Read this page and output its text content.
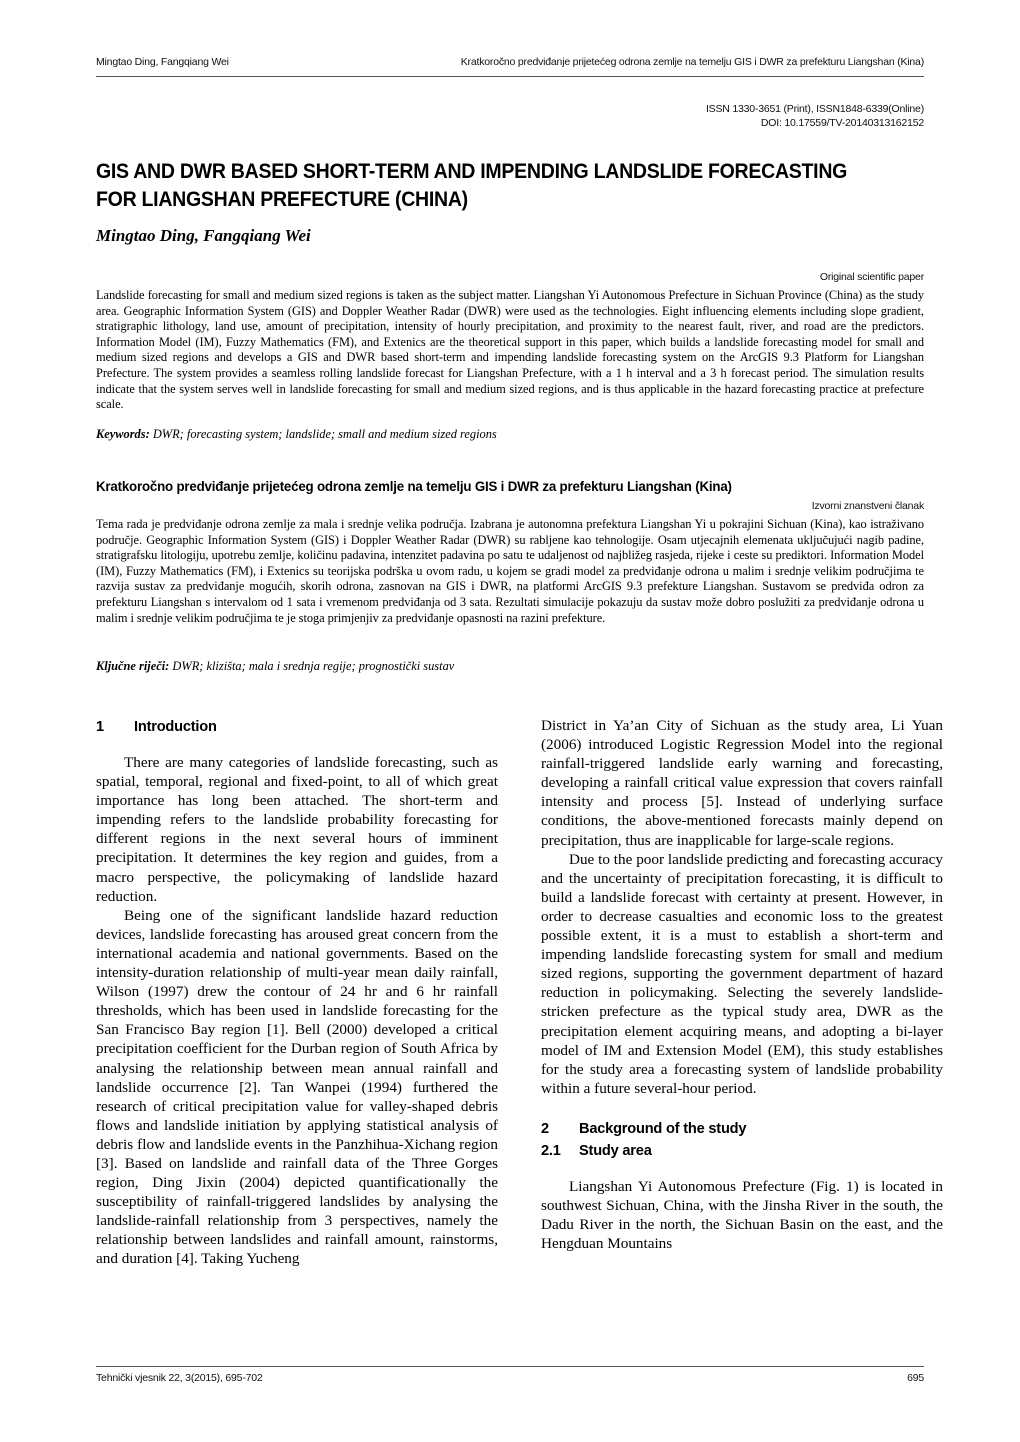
Mingtao Ding, Fangqiang Wei	Kratkoročno predviđanje prijetećeg odrona zemlje na temelju GIS i DWR za prefekturu Liangshan (Kina)
ISSN 1330-3651 (Print), ISSN1848-6339(Online)
DOI: 10.17559/TV-20140313162152
GIS AND DWR BASED SHORT-TERM AND IMPENDING LANDSLIDE FORECASTING FOR LIANGSHAN PREFECTURE (CHINA)
Mingtao Ding, Fangqiang Wei
Original scientific paper
Landslide forecasting for small and medium sized regions is taken as the subject matter. Liangshan Yi Autonomous Prefecture in Sichuan Province (China) as the study area. Geographic Information System (GIS) and Doppler Weather Radar (DWR) were used as the technologies. Eight influencing elements including slope gradient, stratigraphic lithology, land use, amount of precipitation, intensity of hourly precipitation, and proximity to the nearest fault, river, and road are the predictors. Information Model (IM), Fuzzy Mathematics (FM), and Extenics are the theoretical support in this paper, which builds a landslide forecasting model for small and medium sized regions and develops a GIS and DWR based short-term and impending landslide forecasting system on the ArcGIS 9.3 Platform for Liangshan Prefecture. The system provides a seamless rolling landslide forecast for Liangshan Prefecture, with a 1 h interval and a 3 h forecast period. The simulation results indicate that the system serves well in landslide forecasting for small and medium sized regions, and is thus applicable in the hazard forecasting practice at prefecture scale.
Keywords: DWR; forecasting system; landslide; small and medium sized regions
Kratkoročno predviđanje prijetećeg odrona zemlje na temelju GIS i DWR za prefekturu Liangshan (Kina)
Izvorni znanstveni članak
Tema rada je predviđanje odrona zemlje za mala i srednje velika područja. Izabrana je autonomna prefektura Liangshan Yi u pokrajini Sichuan (Kina), kao istraživano područje. Geographic Information System (GIS) i Doppler Weather Radar (DWR) su rabljene kao tehnologije. Osam utjecajnih elemenata uključujući nagib padine, stratigrafsku litologiju, upotrebu zemlje, količinu padavina, intenzitet padavina po satu te udaljenost od najbližeg rasjeda, rijeke i ceste su prediktori. Information Model (IM), Fuzzy Mathematics (FM), i Extenics su teorijska podrška u ovom radu, u kojem se gradi model za predviđanje odrona u malim i srednje velikim područjima te razvija sustav za predviđanje mogućih, skorih odrona, zasnovan na GIS i DWR, na platformi ArcGIS 9.3 prefekture Liangshan. Sustavom se predviđa odron za prefekturu Liangshan s intervalom od 1 sata i vremenom predviđanja od 3 sata. Rezultati simulacije pokazuju da sustav može dobro poslužiti za predviđanje odrona u malim i srednje velikim područjima te je stoga primjenjiv za predviđanje opasnosti na razini prefekture.
Ključne riječi: DWR; klizišta; mala i srednja regije; prognostički sustav
1	Introduction

There are many categories of landslide forecasting, such as spatial, temporal, regional and fixed-point, to all of which great importance has long been attached. The short-term and impending refers to the landslide probability forecasting for different regions in the next several hours of imminent precipitation. It determines the key region and guides, from a macro perspective, the policymaking of landslide hazard reduction.

Being one of the significant landslide hazard reduction devices, landslide forecasting has aroused great concern from the international academia and national governments. Based on the intensity-duration relationship of multi-year mean daily rainfall, Wilson (1997) drew the contour of 24 hr and 6 hr rainfall thresholds, which has been used in landslide forecasting for the San Francisco Bay region [1]. Bell (2000) developed a critical precipitation coefficient for the Durban region of South Africa by analysing the relationship between mean annual rainfall and landslide occurrence [2]. Tan Wanpei (1994) furthered the research of critical precipitation value for valley-shaped debris flows and landslide initiation by applying statistical analysis of debris flow and landslide events in the Panzhihua-Xichang region [3]. Based on landslide and rainfall data of the Three Gorges region, Ding Jixin (2004) depicted quantificationally the susceptibility of rainfall-triggered landslides by analysing the landslide-rainfall relationship from 3 perspectives, namely the relationship between landslides and rainfall amount, rainstorms, and duration [4]. Taking Yucheng

District in Ya’an City of Sichuan as the study area, Li Yuan (2006) introduced Logistic Regression Model into the regional rainfall-triggered landslide early warning and forecasting, developing a rainfall critical value expression that covers rainfall intensity and process [5]. Instead of underlying surface conditions, the above-mentioned forecasts mainly depend on precipitation, thus are inapplicable for large-scale regions.

Due to the poor landslide predicting and forecasting accuracy and the uncertainty of precipitation forecasting, it is difficult to build a landslide forecast with certainty at present. However, in order to decrease casualties and economic loss to the greatest possible extent, it is a must to establish a short-term and impending landslide forecasting system for small and medium sized regions, supporting the government department of hazard reduction in policymaking. Selecting the severely landslide-stricken prefecture as the typical study area, DWR as the precipitation element acquiring means, and adopting a bi-layer model of IM and Extension Model (EM), this study establishes for the study area a forecasting system of landslide probability within a future several-hour period.

2	Background of the study
2.1	Study area

Liangshan Yi Autonomous Prefecture (Fig. 1) is located in southwest Sichuan, China, with the Jinsha River in the south, the Dadu River in the north, the Sichuan Basin on the east, and the Hengduan Mountains

Tehnički vjesnik 22, 3(2015), 695-702	695
